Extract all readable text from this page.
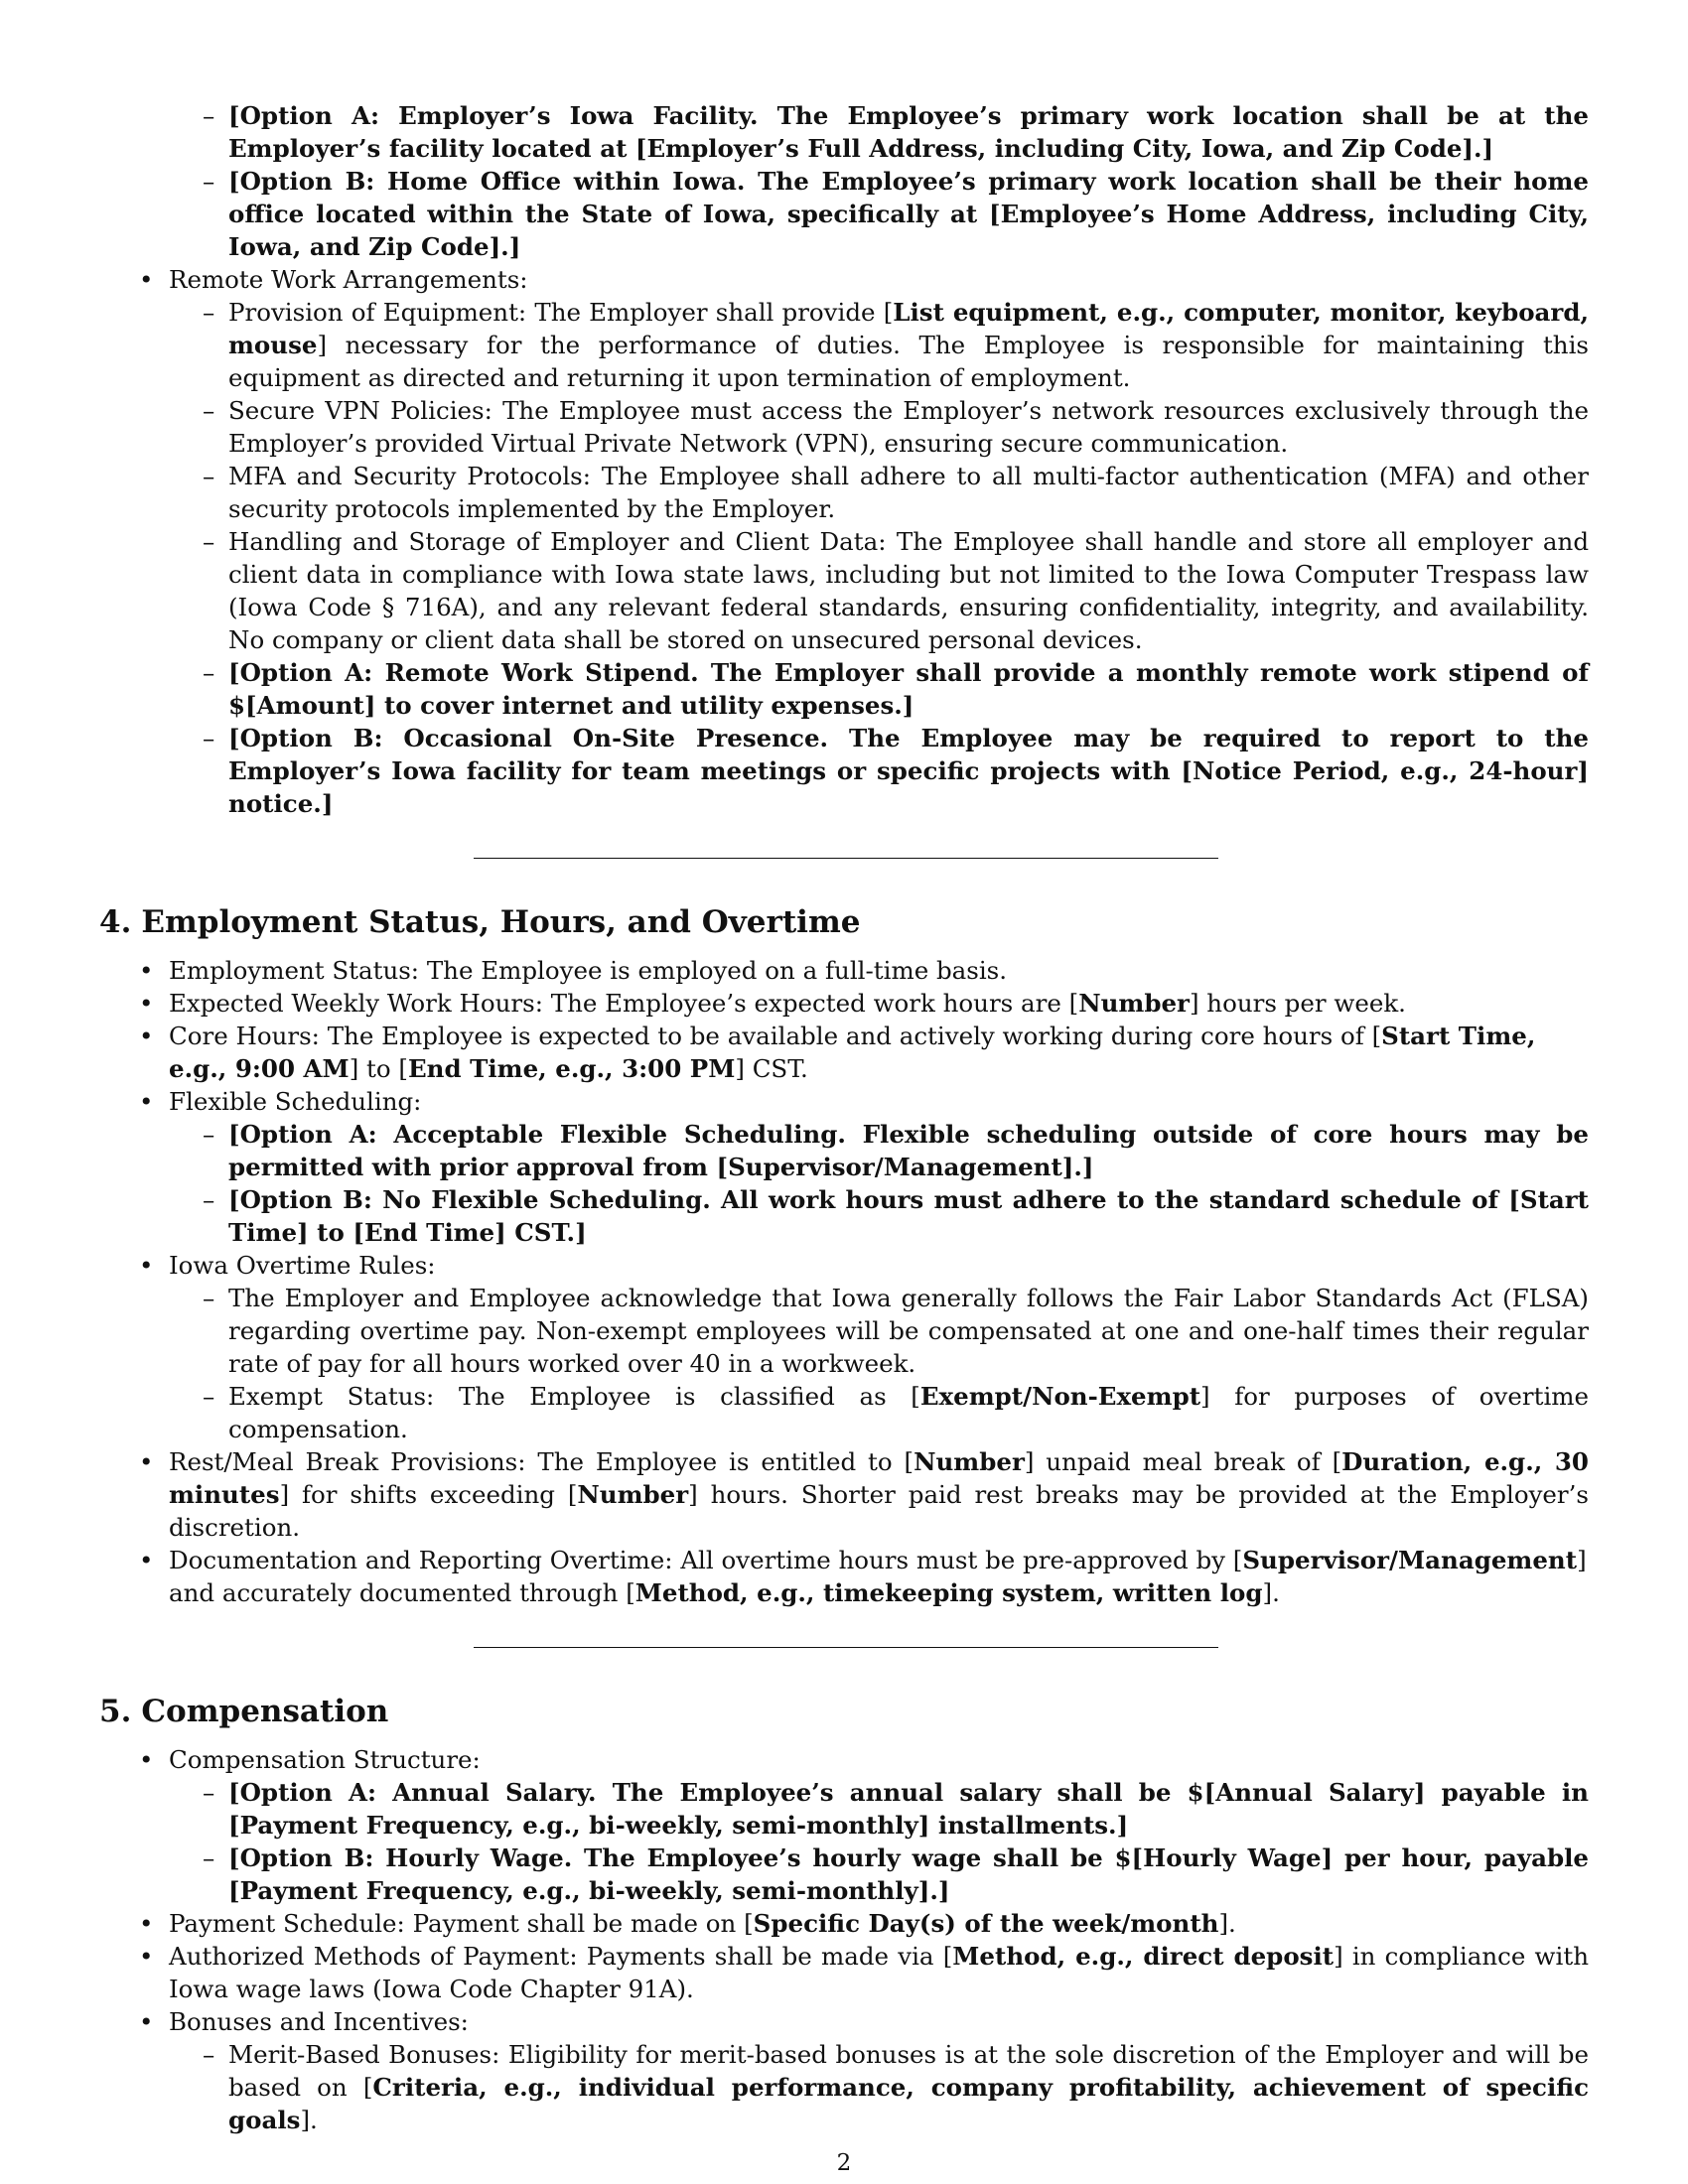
– [Option A: Employer’s Iowa Facility. The Employee’s primary work location shall be at the Employer’s facility located at [Employer’s Full Address, including City, Iowa, and Zip Code].]
– [Option B: Home Office within Iowa. The Employee’s primary work location shall be their home office located within the State of Iowa, specifically at [Employee’s Home Address, including City, Iowa, and Zip Code].]
• Remote Work Arrangements:
– Provision of Equipment: The Employer shall provide [List equipment, e.g., computer, monitor, keyboard, mouse] necessary for the performance of duties. The Employee is responsible for maintaining this equipment as directed and returning it upon termination of employment.
– Secure VPN Policies: The Employee must access the Employer’s network resources exclusively through the Employer’s provided Virtual Private Network (VPN), ensuring secure communication.
– MFA and Security Protocols: The Employee shall adhere to all multi-factor authentication (MFA) and other security protocols implemented by the Employer.
– Handling and Storage of Employer and Client Data: The Employee shall handle and store all employer and client data in compliance with Iowa state laws, including but not limited to the Iowa Computer Trespass law (Iowa Code § 716A), and any relevant federal standards, ensuring confidentiality, integrity, and availability. No company or client data shall be stored on unsecured personal devices.
– [Option A: Remote Work Stipend. The Employer shall provide a monthly remote work stipend of $[Amount] to cover internet and utility expenses.]
– [Option B: Occasional On-Site Presence. The Employee may be required to report to the Employer’s Iowa facility for team meetings or specific projects with [Notice Period, e.g., 24-hour] notice.]
4. Employment Status, Hours, and Overtime
• Employment Status: The Employee is employed on a full-time basis.
• Expected Weekly Work Hours: The Employee’s expected work hours are [Number] hours per week.
• Core Hours: The Employee is expected to be available and actively working during core hours of [Start Time, e.g., 9:00 AM] to [End Time, e.g., 3:00 PM] CST.
• Flexible Scheduling:
– [Option A: Acceptable Flexible Scheduling. Flexible scheduling outside of core hours may be permitted with prior approval from [Supervisor/Management].]
– [Option B: No Flexible Scheduling. All work hours must adhere to the standard schedule of [Start Time] to [End Time] CST.]
• Iowa Overtime Rules:
– The Employer and Employee acknowledge that Iowa generally follows the Fair Labor Standards Act (FLSA) regarding overtime pay. Non-exempt employees will be compensated at one and one-half times their regular rate of pay for all hours worked over 40 in a workweek.
– Exempt Status: The Employee is classified as [Exempt/Non-Exempt] for purposes of overtime compensation.
• Rest/Meal Break Provisions: The Employee is entitled to [Number] unpaid meal break of [Duration, e.g., 30 minutes] for shifts exceeding [Number] hours. Shorter paid rest breaks may be provided at the Employer’s discretion.
• Documentation and Reporting Overtime: All overtime hours must be pre-approved by [Supervisor/Management] and accurately documented through [Method, e.g., timekeeping system, written log].
5. Compensation
• Compensation Structure:
– [Option A: Annual Salary. The Employee’s annual salary shall be $[Annual Salary] payable in [Payment Frequency, e.g., bi-weekly, semi-monthly] installments.]
– [Option B: Hourly Wage. The Employee’s hourly wage shall be $[Hourly Wage] per hour, payable [Payment Frequency, e.g., bi-weekly, semi-monthly].]
• Payment Schedule: Payment shall be made on [Specific Day(s) of the week/month].
• Authorized Methods of Payment: Payments shall be made via [Method, e.g., direct deposit] in compliance with Iowa wage laws (Iowa Code Chapter 91A).
• Bonuses and Incentives:
– Merit-Based Bonuses: Eligibility for merit-based bonuses is at the sole discretion of the Employer and will be based on [Criteria, e.g., individual performance, company profitability, achievement of specific goals].
2
